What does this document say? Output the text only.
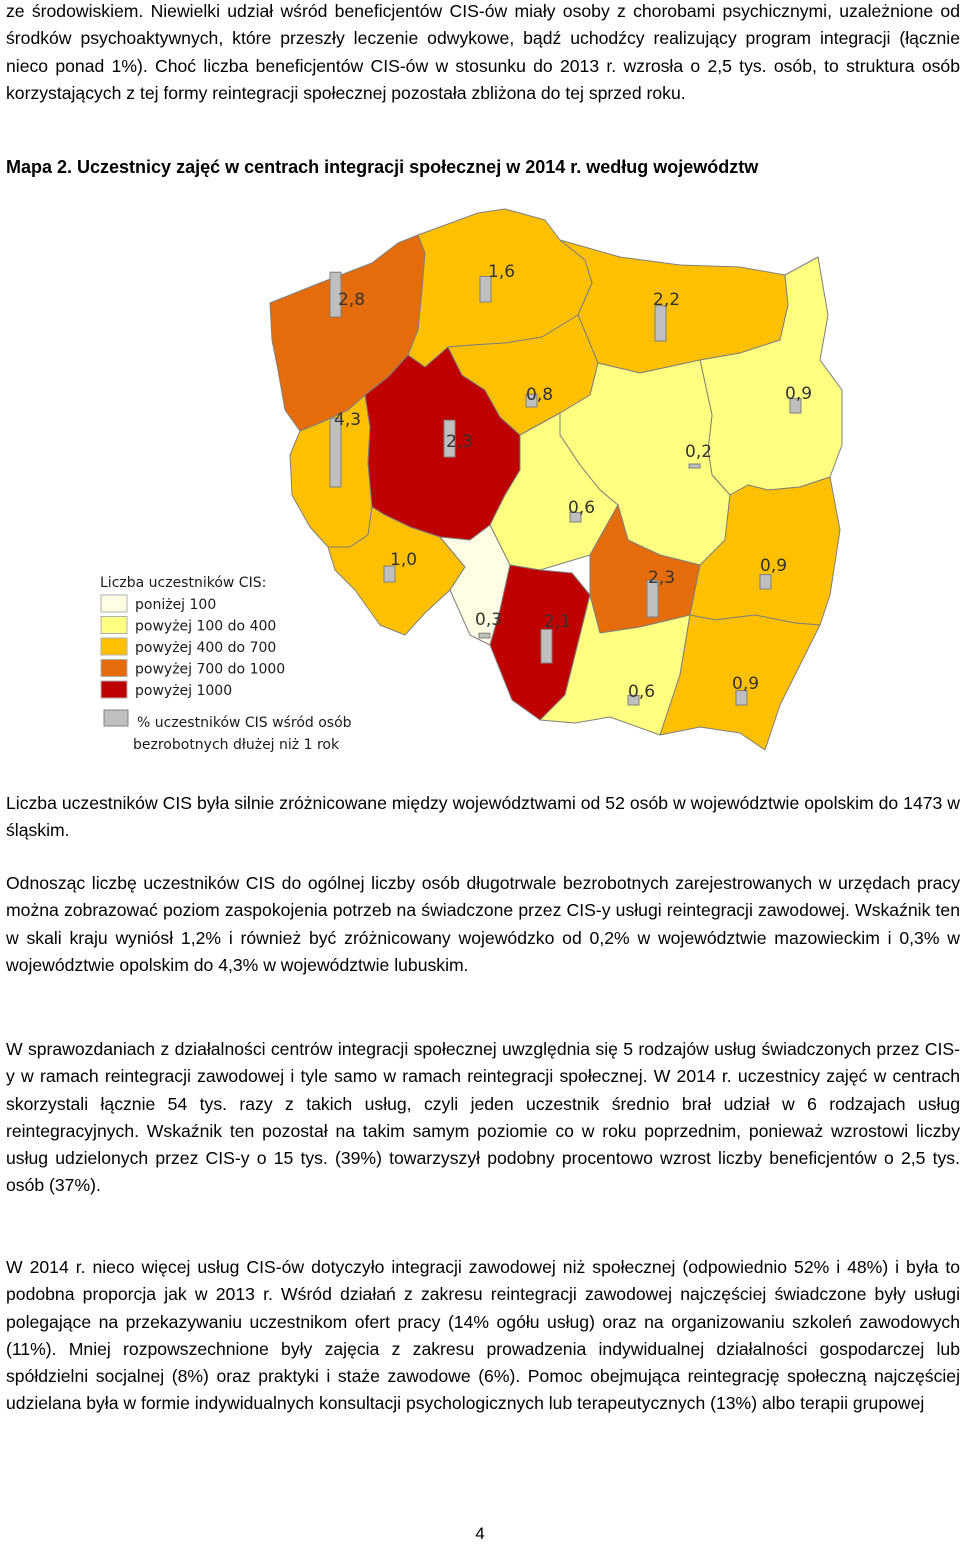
ze środowiskiem. Niewielki udział wśród beneficjentów CIS-ów miały osoby z chorobami psychicznymi, uzależnione od środków psychoaktywnych, które przeszły leczenie odwykowe, bądź uchodźcy realizujący program integracji (łącznie nieco ponad 1%). Choć liczba beneficjentów CIS-ów w stosunku do 2013 r. wzrosła o 2,5 tys. osób, to struktura osób korzystających z tej formy reintegracji społecznej pozostała zbliżona do tej sprzed roku.

Mapa 2. Uczestnicy zajęć w centrach integracji społecznej w 2014 r. według województw

2,8
1,6
2,2
0,9
4,3
2,3
0,8
0,2
0,6
1,0
0,3 2,1
2,3
0,9
0,6	0,9
Liczba uczestników CIS:
poniżej 100
powyżej 100 do 400
powyżej 400 do 700
powyżej 700 do 1000
powyżej 1000
% uczestników CIS wśród osób
bezrobotnych dłużej niż 1 rok

Liczba uczestników CIS była silnie zróżnicowane między województwami od 52 osób w województwie opolskim do 1473 w śląskim.

Odnosząc liczbę uczestników CIS do ogólnej liczby osób długotrwale bezrobotnych zarejestrowanych w urzędach pracy można zobrazować poziom zaspokojenia potrzeb na świadczone przez CIS-y usługi reintegracji zawodowej. Wskaźnik ten w skali kraju wyniósł 1,2% i również być zróżnicowany wojewódzko od 0,2% w województwie mazowieckim i 0,3% w województwie opolskim do 4,3% w województwie lubuskim.

W sprawozdaniach z działalności centrów integracji społecznej uwzględnia się 5 rodzajów usług świadczonych przez CIS-y w ramach reintegracji zawodowej i tyle samo w ramach reintegracji społecznej. W 2014 r. uczestnicy zajęć w centrach skorzystali łącznie 54 tys. razy z takich usług, czyli jeden uczestnik średnio brał udział w 6 rodzajach usług reintegracyjnych. Wskaźnik ten pozostał na takim samym poziomie co w roku poprzednim, ponieważ wzrostowi liczby usług udzielonych przez CIS-y o 15 tys. (39%) towarzyszył podobny procentowo wzrost liczby beneficjentów o 2,5 tys. osób (37%).

W 2014 r. nieco więcej usług CIS-ów dotyczyło integracji zawodowej niż społecznej (odpowiednio 52% i 48%) i była to podobna proporcja jak w 2013 r. Wśród działań z zakresu reintegracji zawodowej najczęściej świadczone były usługi polegające na przekazywaniu uczestnikom ofert pracy (14% ogółu usług) oraz na organizowaniu szkoleń zawodowych (11%). Mniej rozpowszechnione były zajęcia z zakresu prowadzenia indywidualnej działalności gospodarczej lub spółdzielni socjalnej (8%) oraz praktyki i staże zawodowe (6%). Pomoc obejmująca reintegrację społeczną najczęściej udzielana była w formie indywidualnych konsultacji psychologicznych lub terapeutycznych (13%) albo terapii grupowej

4
